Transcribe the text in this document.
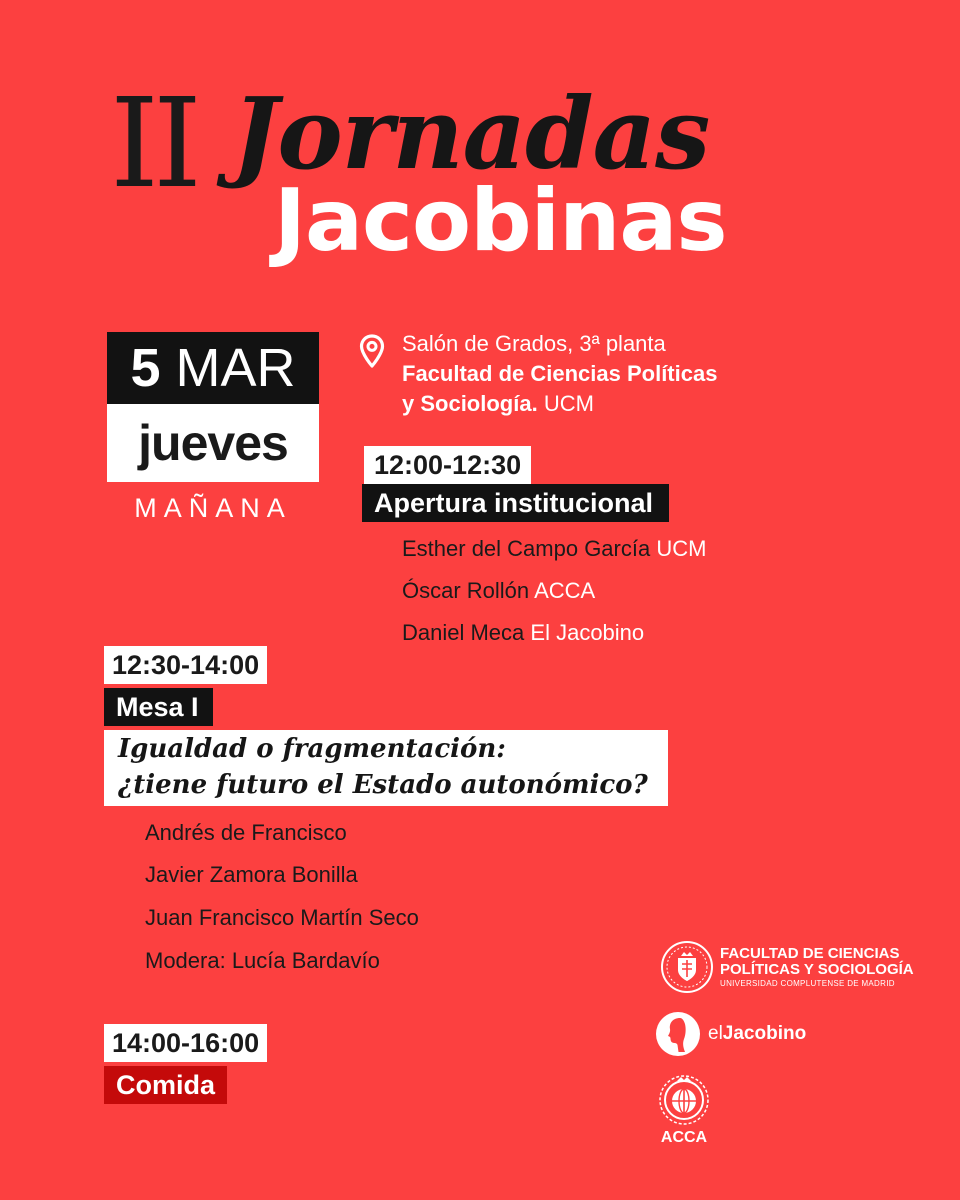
II Jornadas
Jacobinas
5 MAR
jueves
MAÑANA
Salón de Grados, 3ª planta
Facultad de Ciencias Políticas
y Sociología. UCM
12:00-12:30
Apertura institucional
Esther del Campo García UCM
Óscar Rollón ACCA
Daniel Meca El Jacobino
12:30-14:00
Mesa I
Igualdad o fragmentación:
¿tiene futuro el Estado autonómico?
Andrés de Francisco
Javier Zamora Bonilla
Juan Francisco Martín Seco
Modera: Lucía Bardavío
14:00-16:00
Comida
FACULTAD DE CIENCIAS
POLÍTICAS Y SOCIOLOGÍA
UNIVERSIDAD COMPLUTENSE DE MADRID
elJacobino
ACCA
